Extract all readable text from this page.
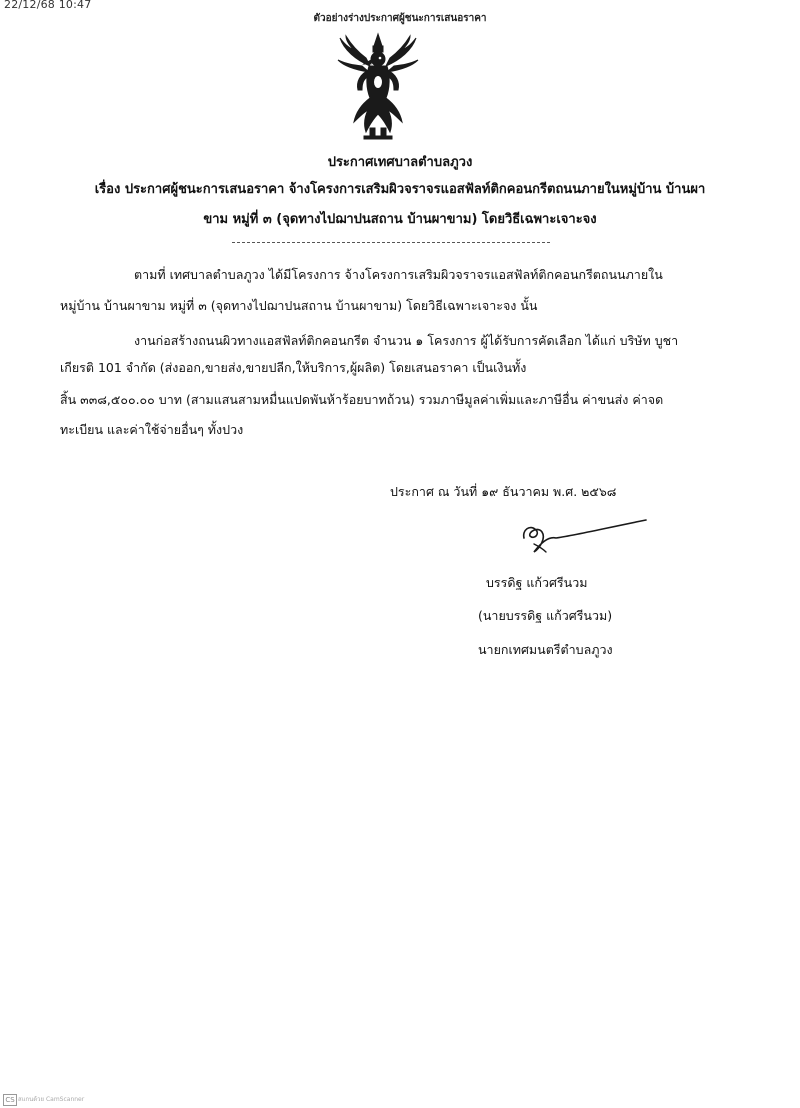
22/12/68 10:47
ตัวอย่างร่างประกาศผู้ชนะการเสนอราคา
ประกาศเทศบาลตำบลภูวง
เรื่อง ประกาศผู้ชนะการเสนอราคา จ้างโครงการเสริมผิวจราจรแอสฟัลท์ติกคอนกรีตถนนภายในหมู่บ้าน บ้านผา
ขาม หมู่ที่ ๓ (จุดทางไปฌาปนสถาน บ้านผาขาม) โดยวิธีเฉพาะเจาะจง
ตามที่ เทศบาลตำบลภูวง ได้มีโครงการ จ้างโครงการเสริมผิวจราจรแอสฟัลท์ติกคอนกรีตถนนภายใน
หมู่บ้าน บ้านผาขาม หมู่ที่ ๓ (จุดทางไปฌาปนสถาน บ้านผาขาม) โดยวิธีเฉพาะเจาะจง นั้น
งานก่อสร้างถนนผิวทางแอสฟัลท์ติกคอนกรีต จำนวน ๑ โครงการ ผู้ได้รับการคัดเลือก ได้แก่ บริษัท บูชา
เกียรติ 101 จำกัด (ส่งออก,ขายส่ง,ขายปลีก,ให้บริการ,ผู้ผลิต) โดยเสนอราคา เป็นเงินทั้ง
สิ้น ๓๓๘,๕๐๐.๐๐ บาท (สามแสนสามหมื่นแปดพันห้าร้อยบาทถ้วน) รวมภาษีมูลค่าเพิ่มและภาษีอื่น ค่าขนส่ง ค่าจด
ทะเบียน และค่าใช้จ่ายอื่นๆ ทั้งปวง
ประกาศ ณ วันที่ ๑๙ ธันวาคม พ.ศ. ๒๕๖๘
บรรดิฐ แก้วศรีนวม
(นายบรรดิฐ แก้วศรีนวม)
นายกเทศมนตรีตำบลภูวง
CS สแกนด้วย CamScanner
